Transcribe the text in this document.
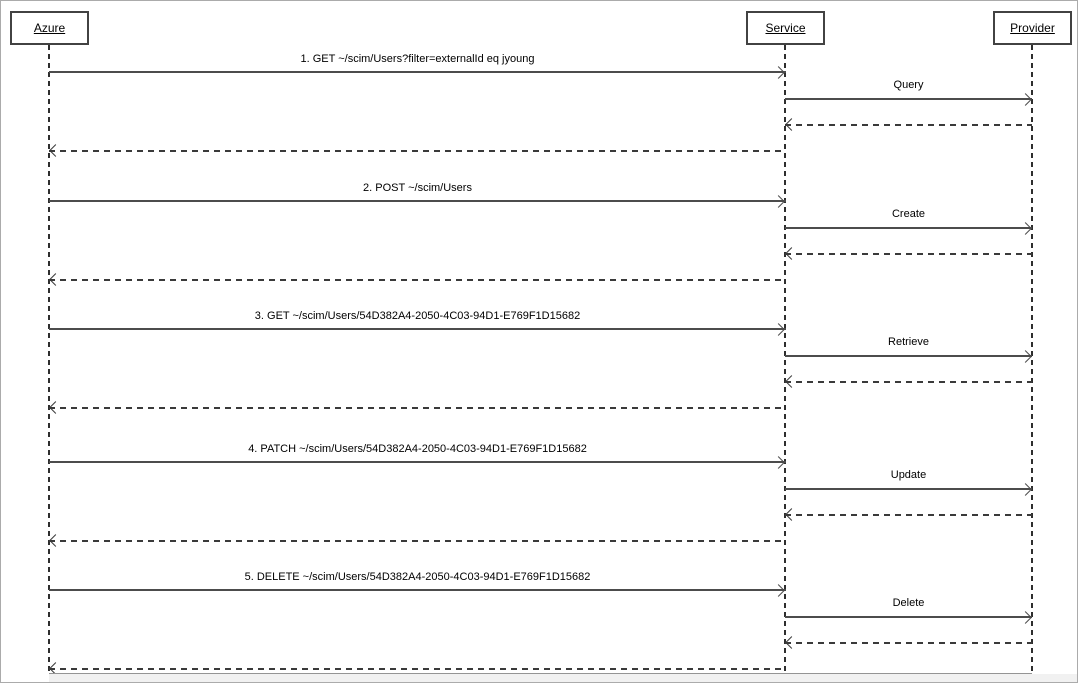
Azure	Service	Provider
1. GET ~/scim/Users?filter=externalId eq jyoung
Query
2. POST ~/scim/Users
Create
3. GET ~/scim/Users/54D382A4-2050-4C03-94D1-E769F1D15682
Retrieve
4. PATCH ~/scim/Users/54D382A4-2050-4C03-94D1-E769F1D15682
Update
5. DELETE ~/scim/Users/54D382A4-2050-4C03-94D1-E769F1D15682
Delete
